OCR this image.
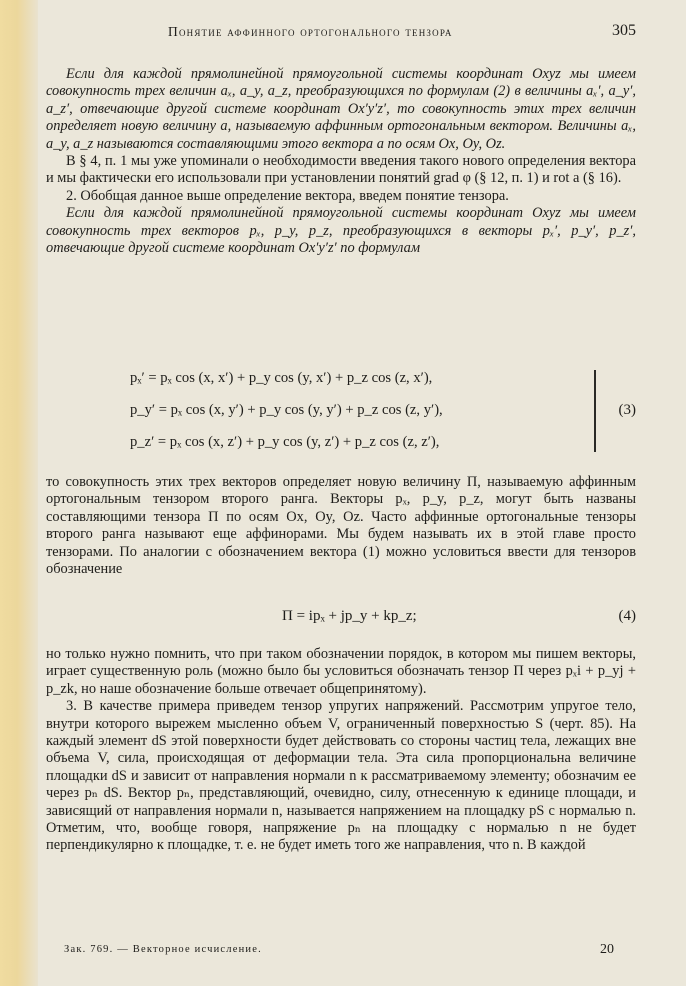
Понятие аффинного ортогонального тензора	305

Если для каждой прямолинейной прямоугольной системы координат Oxyz мы имеем совокупность трех величин aₓ, a_y, a_z, преобразующихся по формулам (2) в величины aₓ′, a_y′, a_z′, отвечающие другой системе координат Ox′y′z′, то совокупность этих трех величин определяет новую величину a, называемую аффинным ортогональным вектором. Величины aₓ, a_y, a_z называются составляющими этого вектора a по осям Ox, Oy, Oz.

В § 4, п. 1 мы уже упоминали о необходимости введения такого нового определения вектора и мы фактически его использовали при установлении понятий grad φ (§ 12, п. 1) и rot a (§ 16).

2. Обобщая данное выше определение вектора, введем понятие тензора.

Если для каждой прямолинейной прямоугольной системы координат Oxyz мы имеем совокупность трех векторов pₓ, p_y, p_z, преобразующихся в векторы pₓ′, p_y′, p_z′, отвечающие другой системе координат Ox′y′z′ по формулам

pₓ′ = pₓ cos (x, x′) + p_y cos (y, x′) + p_z cos (z, x′),
p_y′ = pₓ cos (x, y′) + p_y cos (y, y′) + p_z cos (z, y′),
p_z′ = pₓ cos (x, z′) + p_y cos (y, z′) + p_z cos (z, z′),
(3)

то совокупность этих трех векторов определяет новую величину П, называемую аффинным ортогональным тензором второго ранга. Векторы pₓ, p_y, p_z, могут быть названы составляющими тензора П по осям Ox, Oy, Oz. Часто аффинные ортогональные тензоры второго ранга называют еще аффинорами. Мы будем называть их в этой главе просто тензорами. По аналогии с обозначением вектора (1) можно условиться ввести для тензоров обозначение

П = ipₓ + jp_y + kp_z;	(4)

но только нужно помнить, что при таком обозначении порядок, в котором мы пишем векторы, играет существенную роль (можно было бы условиться обозначать тензор П через pₓi + p_yj + p_zk, но наше обозначение больше отвечает общепринятому).

3. В качестве примера приведем тензор упругих напряжений. Рассмотрим упругое тело, внутри которого вырежем мысленно объем V, ограниченный поверхностью S (черт. 85). На каждый элемент dS этой поверхности будет действовать со стороны частиц тела, лежащих вне объема V, сила, происходящая от деформации тела. Эта сила пропорциональна величине площадки dS и зависит от направления нормали n к рассматриваемому элементу; обозначим ее через pₙ dS. Вектор pₙ, представляющий, очевидно, силу, отнесенную к единице площади, и зависящий от направления нормали n, называется напряжением на площадку pS с нормалью n. Отметим, что, вообще говоря, напряжение pₙ на площадку с нормалью n не будет перпендикулярно к площадке, т. е. не будет иметь того же направления, что n. В каждой

Зак. 769. — Векторное исчисление.	20
